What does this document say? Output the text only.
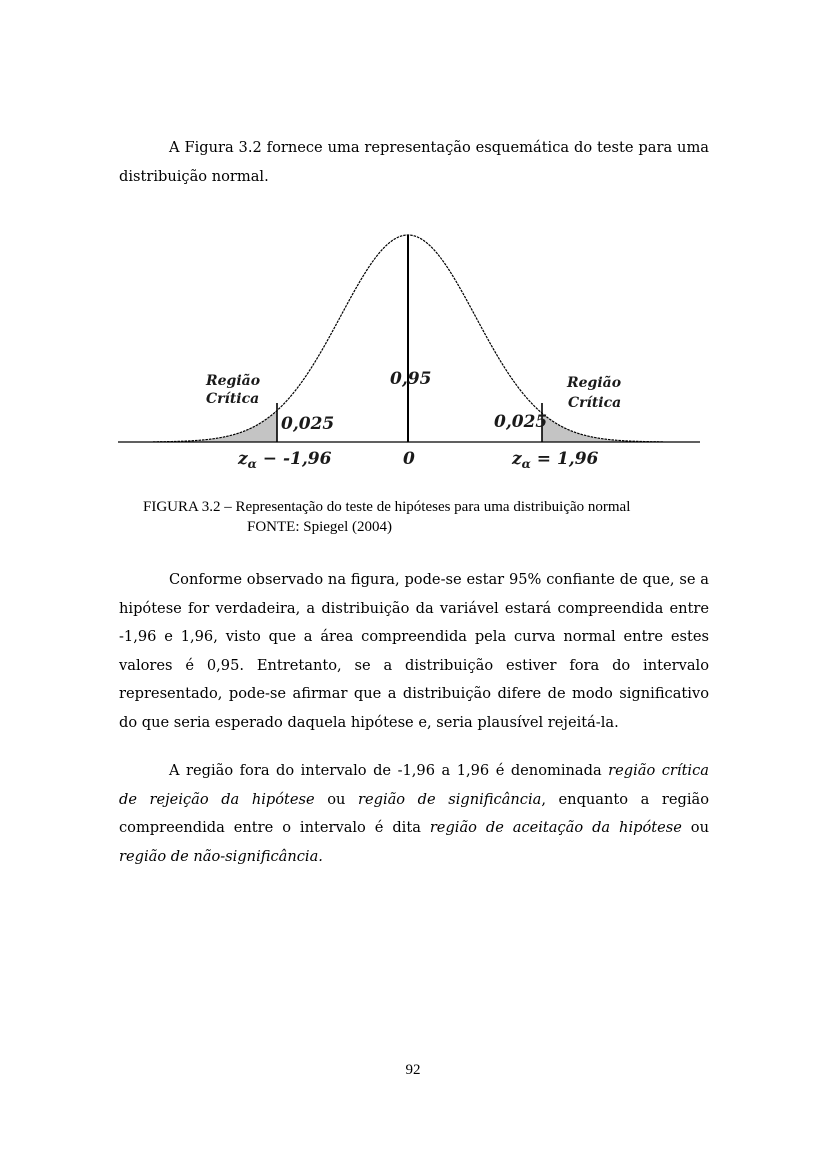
A Figura 3.2 fornece uma representação esquemática do teste para uma distribuição normal.

Região
Crítica
Região
Crítica
0,95
0,025	0,025
$z_\alpha - -1,96$	0	$z_\alpha = 1,96$
FIGURA 3.2 – Representação do teste de hipóteses para uma distribuição normal
FONTE: Spiegel (2004)

Conforme observado na figura, pode-se estar 95% confiante de que, se a hipótese for verdadeira, a distribuição da variável estará compreendida entre -1,96 e 1,96, visto que a área compreendida pela curva normal entre estes valores é 0,95. Entretanto, se a distribuição estiver fora do intervalo representado, pode-se afirmar que a distribuição difere de modo significativo do que seria esperado daquela hipótese e, seria plausível rejeitá-la.

A região fora do intervalo de -1,96 a 1,96 é denominada região crítica de rejeição da hipótese ou região de significância, enquanto a região compreendida entre o intervalo é dita região de aceitação da hipótese ou região de não-significância.

92
